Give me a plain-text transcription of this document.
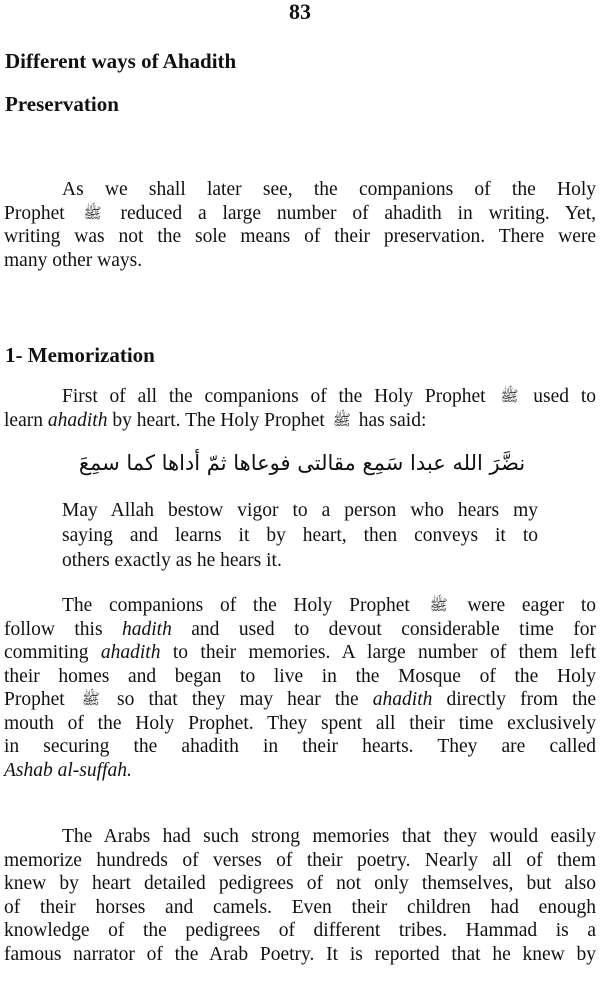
83
Different ways of Ahadith
Preservation
As we shall later see, the companions of the Holy
Prophet ﷺ reduced a large number of ahadith in writing. Yet,
writing was not the sole means of their preservation. There were
many other ways.
1- Memorization
First of all the companions of the Holy Prophet ﷺ used to
learn ahadith by heart. The Holy Prophet ﷺ has said:
نضَّرَ الله عبدا سَمِع مقالتى فوعاها ثمّ أداها كما سمِعَ
May Allah bestow vigor to a person who hears my
saying and learns it by heart, then conveys it to
others exactly as he hears it.
The companions of the Holy Prophet ﷺ were eager to
follow this hadith and used to devout considerable time for
commiting ahadith to their memories. A large number of them left
their homes and began to live in the Mosque of the Holy
Prophet ﷺ so that they may hear the ahadith directly from the
mouth of the Holy Prophet. They spent all their time exclusively
in securing the ahadith in their hearts. They are called
Ashab al-suffah.
The Arabs had such strong memories that they would easily
memorize hundreds of verses of their poetry. Nearly all of them
knew by heart detailed pedigrees of not only themselves, but also
of their horses and camels. Even their children had enough
knowledge of the pedigrees of different tribes. Hammad is a
famous narrator of the Arab Poetry. It is reported that he knew by
